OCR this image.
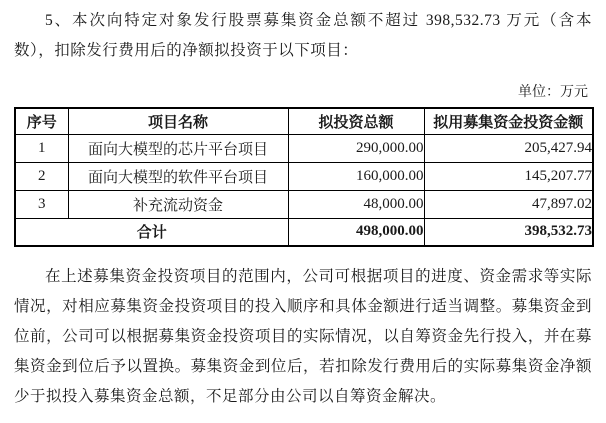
5、本次向特定对象发行股票募集资金总额不超过 398,532.73 万元（含本数），扣除发行费用后的净额拟投资于以下项目：

单位：万元
序号	项目名称	拟投资总额	拟用募集资金投资金额
1	面向大模型的芯片平台项目	290,000.00	205,427.94
2	面向大模型的软件平台项目	160,000.00	145,207.77
3	补充流动资金	48,000.00	47,897.02
合计		498,000.00	398,532.73

在上述募集资金投资项目的范围内，公司可根据项目的进度、资金需求等实际情况，对相应募集资金投资项目的投入顺序和具体金额进行适当调整。募集资金到位前，公司可以根据募集资金投资项目的实际情况，以自筹资金先行投入，并在募集资金到位后予以置换。募集资金到位后，若扣除发行费用后的实际募集资金净额少于拟投入募集资金总额，不足部分由公司以自筹资金解决。
